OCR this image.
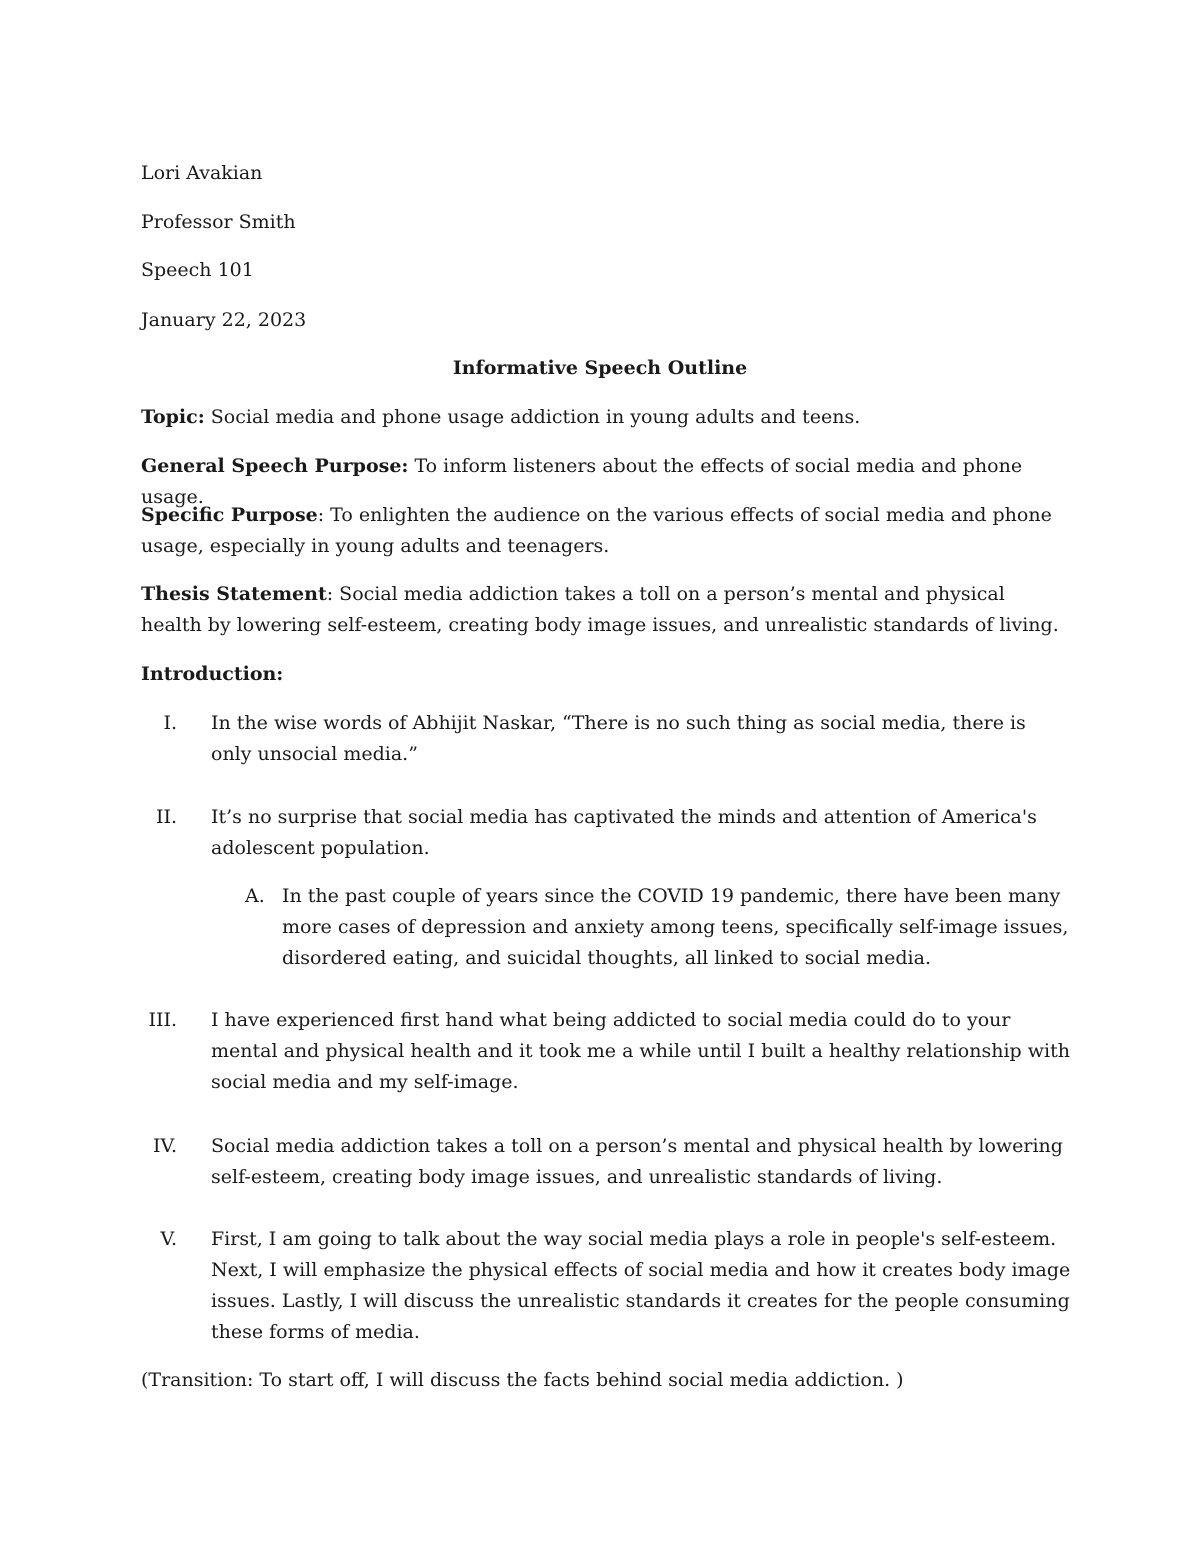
Lori Avakian
Professor Smith
Speech 101
January 22, 2023
Informative Speech Outline
Topic: Social media and phone usage addiction in young adults and teens.
General Speech Purpose: To inform listeners about the effects of social media and phone usage.
Specific Purpose: To enlighten the audience on the various effects of social media and phone usage, especially in young adults and teenagers.
Thesis Statement: Social media addiction takes a toll on a person’s mental and physical health by lowering self-esteem, creating body image issues, and unrealistic standards of living.
Introduction:
I. In the wise words of Abhijit Naskar, “There is no such thing as social media, there is only unsocial media.”
II. It’s no surprise that social media has captivated the minds and attention of America's adolescent population.
A. In the past couple of years since the COVID 19 pandemic, there have been many more cases of depression and anxiety among teens, specifically self-image issues, disordered eating, and suicidal thoughts, all linked to social media.
III. I have experienced first hand what being addicted to social media could do to your mental and physical health and it took me a while until I built a healthy relationship with social media and my self-image.
IV. Social media addiction takes a toll on a person’s mental and physical health by lowering self-esteem, creating body image issues, and unrealistic standards of living.
V. First, I am going to talk about the way social media plays a role in people's self-esteem. Next, I will emphasize the physical effects of social media and how it creates body image issues. Lastly, I will discuss the unrealistic standards it creates for the people consuming these forms of media.
(Transition: To start off, I will discuss the facts behind social media addiction. )
